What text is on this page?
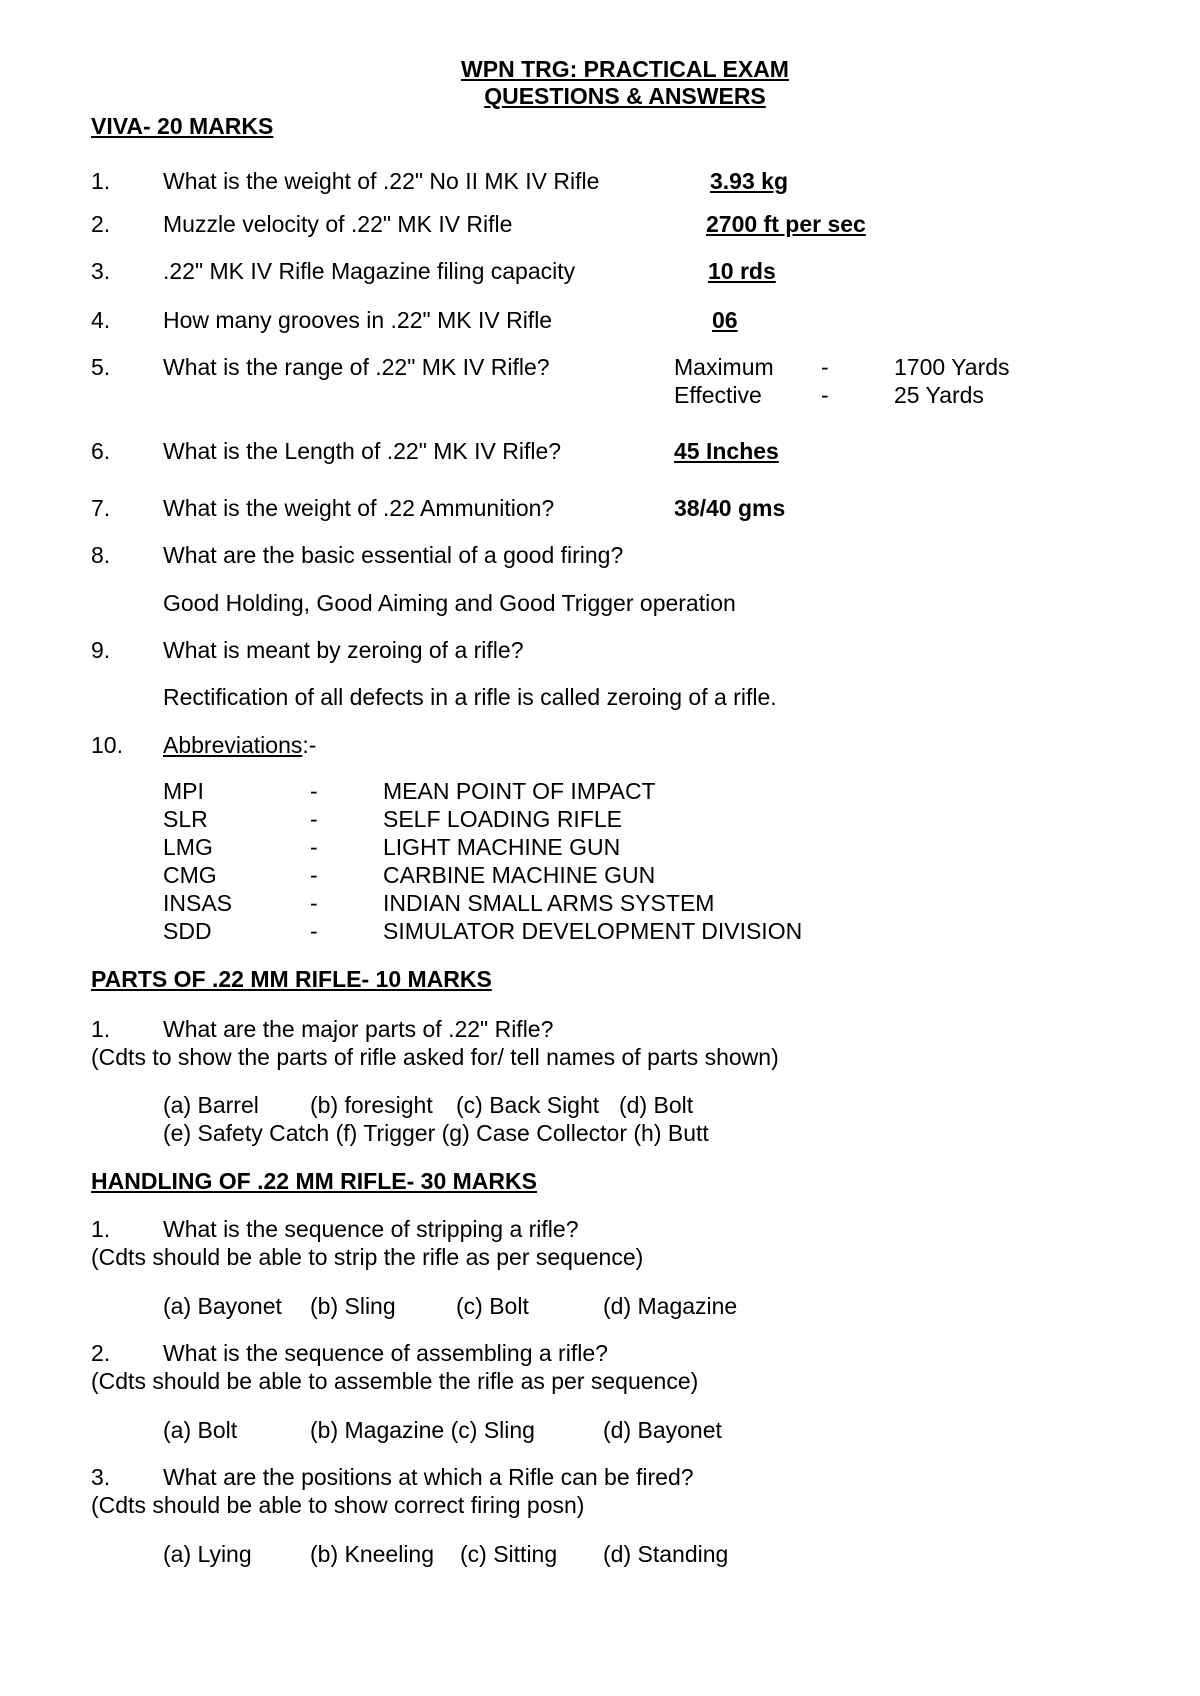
WPN TRG: PRACTICAL EXAM
QUESTIONS & ANSWERS
VIVA- 20 MARKS
1. What is the weight of .22" No II MK IV Rifle	3.93 kg
2. Muzzle velocity of .22" MK IV Rifle	2700 ft per sec
3. .22" MK IV Rifle Magazine filing capacity	10 rds
4. How many grooves in .22" MK IV Rifle	06
5. What is the range of .22" MK IV Rifle?	Maximum -	1700 Yards
Effective	-	25 Yards
6. What is the Length of .22" MK IV Rifle?	45 Inches
7. What is the weight of .22 Ammunition?	38/40 gms
8. What are the basic essential of a good firing?
Good Holding, Good Aiming and Good Trigger operation
9. What is meant by zeroing of a rifle?
Rectification of all defects in a rifle is called zeroing of a rifle.
10. Abbreviations:-
MPI	-	MEAN POINT OF IMPACT
SLR	-	SELF LOADING RIFLE
LMG	-	LIGHT MACHINE GUN
CMG	-	CARBINE MACHINE GUN
INSAS	-	INDIAN SMALL ARMS SYSTEM
SDD	-	SIMULATOR DEVELOPMENT DIVISION
PARTS OF .22 MM RIFLE- 10 MARKS
1. What are the major parts of .22" Rifle?
(Cdts to show the parts of rifle asked for/ tell names of parts shown)
(a) Barrel (b) foresight (c) Back Sight (d) Bolt
(e) Safety Catch (f) Trigger (g) Case Collector (h) Butt
HANDLING OF .22 MM RIFLE- 30 MARKS
1. What is the sequence of stripping a rifle?
(Cdts should be able to strip the rifle as per sequence)
(a) Bayonet (b) Sling	(c) Bolt	(d) Magazine
2. What is the sequence of assembling a rifle?
(Cdts should be able to assemble the rifle as per sequence)
(a) Bolt	(b) Magazine (c) Sling	(d) Bayonet
3. What are the positions at which a Rifle can be fired?
(Cdts should be able to show correct firing posn)
(a) Lying	(b) Kneeling (c) Sitting (d) Standing
